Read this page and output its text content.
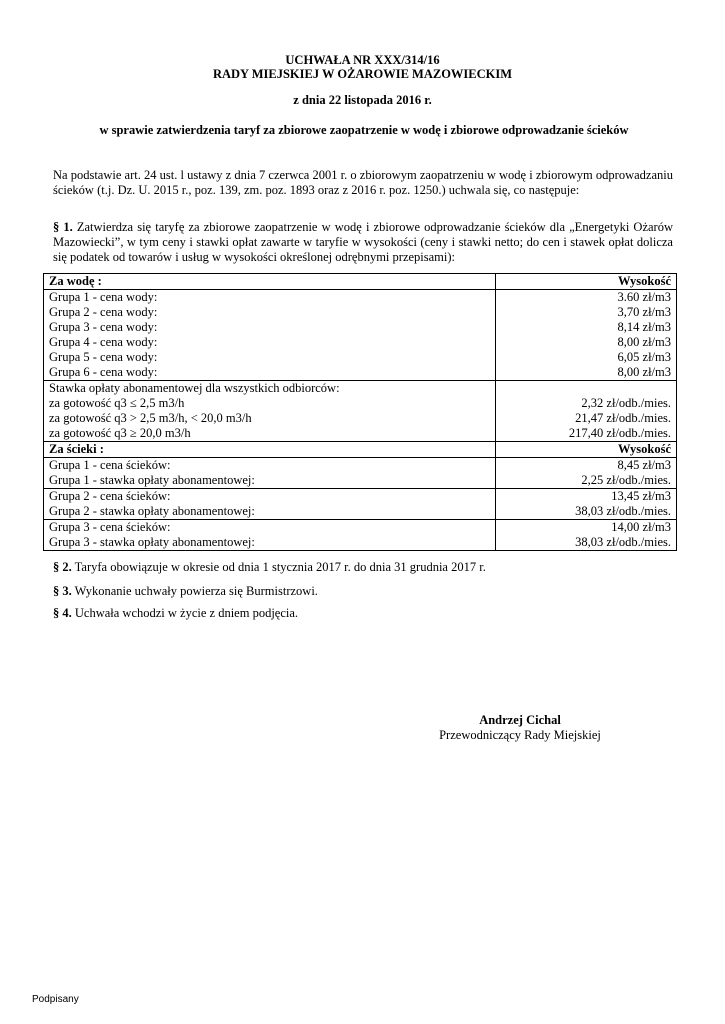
UCHWAŁA NR XXX/314/16
RADY MIEJSKIEJ W OŻAROWIE MAZOWIECKIM
z dnia 22 listopada 2016 r.
w sprawie zatwierdzenia taryf za zbiorowe zaopatrzenie w wodę i zbiorowe odprowadzanie ścieków
Na podstawie art. 24 ust. l ustawy z dnia 7 czerwca 2001 r. o zbiorowym zaopatrzeniu w wodę i zbiorowym odprowadzaniu ścieków (t.j. Dz. U. 2015 r., poz. 139, zm. poz. 1893 oraz z 2016 r. poz. 1250.) uchwala się, co następuje:
§ 1. Zatwierdza się taryfę za zbiorowe zaopatrzenie w wodę i zbiorowe odprowadzanie ścieków dla „Energetyki Ożarów Mazowiecki”, w tym ceny i stawki opłat zawarte w taryfie w wysokości (ceny i stawki netto; do cen i stawek opłat dolicza się podatek od towarów i usług w wysokości określonej odrębnymi przepisami):
Za wodę :	Wysokość
Grupa 1 - cena wody:	3.60 zł/m3
Grupa 2 - cena wody:	3,70 zł/m3
Grupa 3 - cena wody:	8,14 zł/m3
Grupa 4 - cena wody:	8,00 zł/m3
Grupa 5 - cena wody:	6,05 zł/m3
Grupa 6 - cena wody:	8,00 zł/m3
Stawka opłaty abonamentowej dla wszystkich odbiorców:	
za gotowość q3 ≤ 2,5 m3/h	2,32 zł/odb./mies.
za gotowość q3 > 2,5 m3/h, < 20,0 m3/h	21,47 zł/odb./mies.
za gotowość q3 ≥ 20,0 m3/h	217,40 zł/odb./mies.
Za ścieki :	Wysokość
Grupa 1 - cena ścieków:	8,45 zł/m3
Grupa 1 - stawka opłaty abonamentowej:	2,25 zł/odb./mies.
Grupa 2 - cena ścieków:	13,45 zł/m3
Grupa 2 - stawka opłaty abonamentowej:	38,03 zł/odb./mies.
Grupa 3 - cena ścieków:	14,00 zł/m3
Grupa 3 - stawka opłaty abonamentowej:	38,03 zł/odb./mies.
§ 2. Taryfa obowiązuje w okresie od dnia 1 stycznia 2017 r. do dnia 31 grudnia 2017 r.
§ 3. Wykonanie uchwały powierza się Burmistrzowi.
§ 4. Uchwała wchodzi w życie z dniem podjęcia.
Andrzej Cichal
Przewodniczący Rady Miejskiej
Podpisany
